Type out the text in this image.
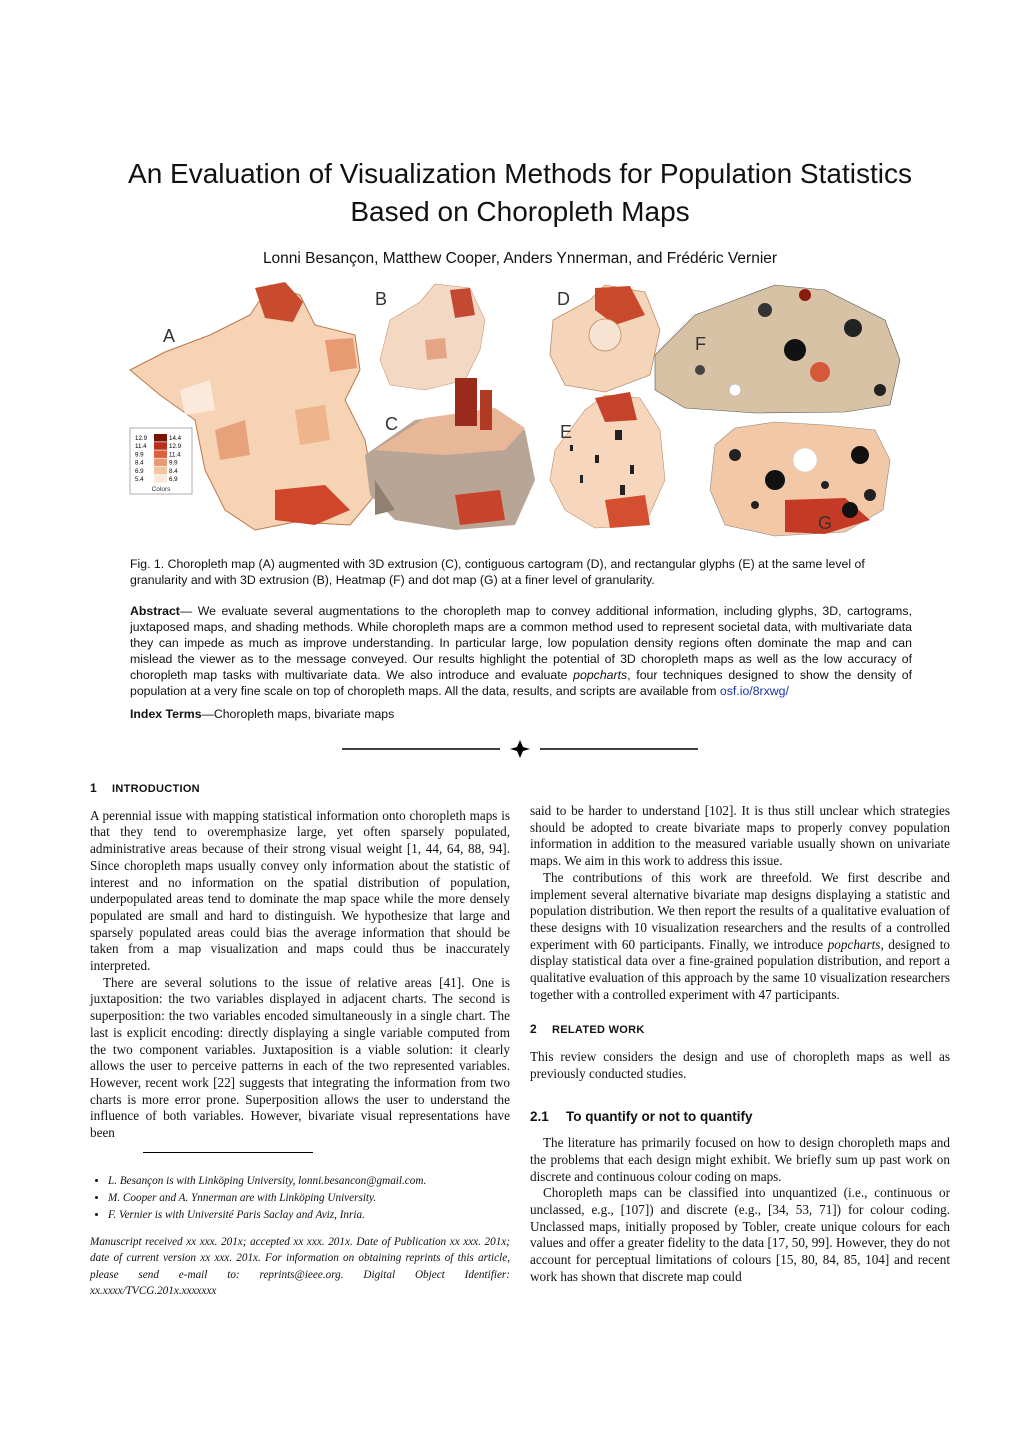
An Evaluation of Visualization Methods for Population Statistics
Based on Choropleth Maps
Lonni Besançon, Matthew Cooper, Anders Ynnerman, and Frédéric Vernier
12.9	14.4
11.4	12.9
9.9	11.4
8.4	9.9
6.9	8.4
5.4	6.9
Colors
A
B
C
D
E
F
G
Fig. 1. Choropleth map (A) augmented with 3D extrusion (C), contiguous cartogram (D), and rectangular glyphs (E) at the same level of granularity and with 3D extrusion (B), Heatmap (F) and dot map (G) at a finer level of granularity.
Abstract— We evaluate several augmentations to the choropleth map to convey additional information, including glyphs, 3D, cartograms, juxtaposed maps, and shading methods. While choropleth maps are a common method used to represent societal data, with multivariate data they can impede as much as improve understanding. In particular large, low population density regions often dominate the map and can mislead the viewer as to the message conveyed. Our results highlight the potential of 3D choropleth maps as well as the low accuracy of choropleth map tasks with multivariate data. We also introduce and evaluate popcharts, four techniques designed to show the density of population at a very fine scale on top of choropleth maps. All the data, results, and scripts are available from osf.io/8rxwg/
Index Terms—Choropleth maps, bivariate maps
1 INTRODUCTION

A perennial issue with mapping statistical information onto choropleth maps is that they tend to overemphasize large, yet often sparsely populated, administrative areas because of their strong visual weight [1, 44, 64, 88, 94]. Since choropleth maps usually convey only information about the statistic of interest and no information on the spatial distribution of population, underpopulated areas tend to dominate the map space while the more densely populated are small and hard to distinguish. We hypothesize that large and sparsely populated areas could bias the average information that should be taken from a map visualization and maps could thus be inaccurately interpreted.

There are several solutions to the issue of relative areas [41]. One is juxtaposition: the two variables displayed in adjacent charts. The second is superposition: the two variables encoded simultaneously in a single chart. The last is explicit encoding: directly displaying a single variable computed from the two component variables. Juxtaposition is a viable solution: it clearly allows the user to perceive patterns in each of the two represented variables. However, recent work [22] suggests that integrating the information from two charts is more error prone. Superposition allows the user to understand the influence of both variables. However, bivariate visual representations have been

• L. Besançon is with Linköping University, lonni.besancon@gmail.com.
• M. Cooper and A. Ynnerman are with Linköping University.
• F. Vernier is with Université Paris Saclay and Aviz, Inria.

Manuscript received xx xxx. 201x; accepted xx xxx. 201x. Date of Publication xx xxx. 201x; date of current version xx xxx. 201x. For information on obtaining reprints of this article, please send e-mail to: reprints@ieee.org. Digital Object Identifier: xx.xxxx/TVCG.201x.xxxxxxx

said to be harder to understand [102]. It is thus still unclear which strategies should be adopted to create bivariate maps to properly convey population information in addition to the measured variable usually shown on univariate maps. We aim in this work to address this issue.

The contributions of this work are threefold. We first describe and implement several alternative bivariate map designs displaying a statistic and population distribution. We then report the results of a qualitative evaluation of these designs with 10 visualization researchers and the results of a controlled experiment with 60 participants. Finally, we introduce popcharts, designed to display statistical data over a fine-grained population distribution, and report a qualitative evaluation of this approach by the same 10 visualization researchers together with a controlled experiment with 47 participants.

2 RELATED WORK

This review considers the design and use of choropleth maps as well as previously conducted studies.

2.1 To quantify or not to quantify

The literature has primarily focused on how to design choropleth maps and the problems that each design might exhibit. We briefly sum up past work on discrete and continuous colour coding on maps.

Choropleth maps can be classified into unquantized (i.e., continuous or unclassed, e.g., [107]) and discrete (e.g., [34, 53, 71]) for colour coding. Unclassed maps, initially proposed by Tobler, create unique colours for each values and offer a greater fidelity to the data [17, 50, 99]. However, they do not account for perceptual limitations of colours [15, 80, 84, 85, 104] and recent work has shown that discrete map could
